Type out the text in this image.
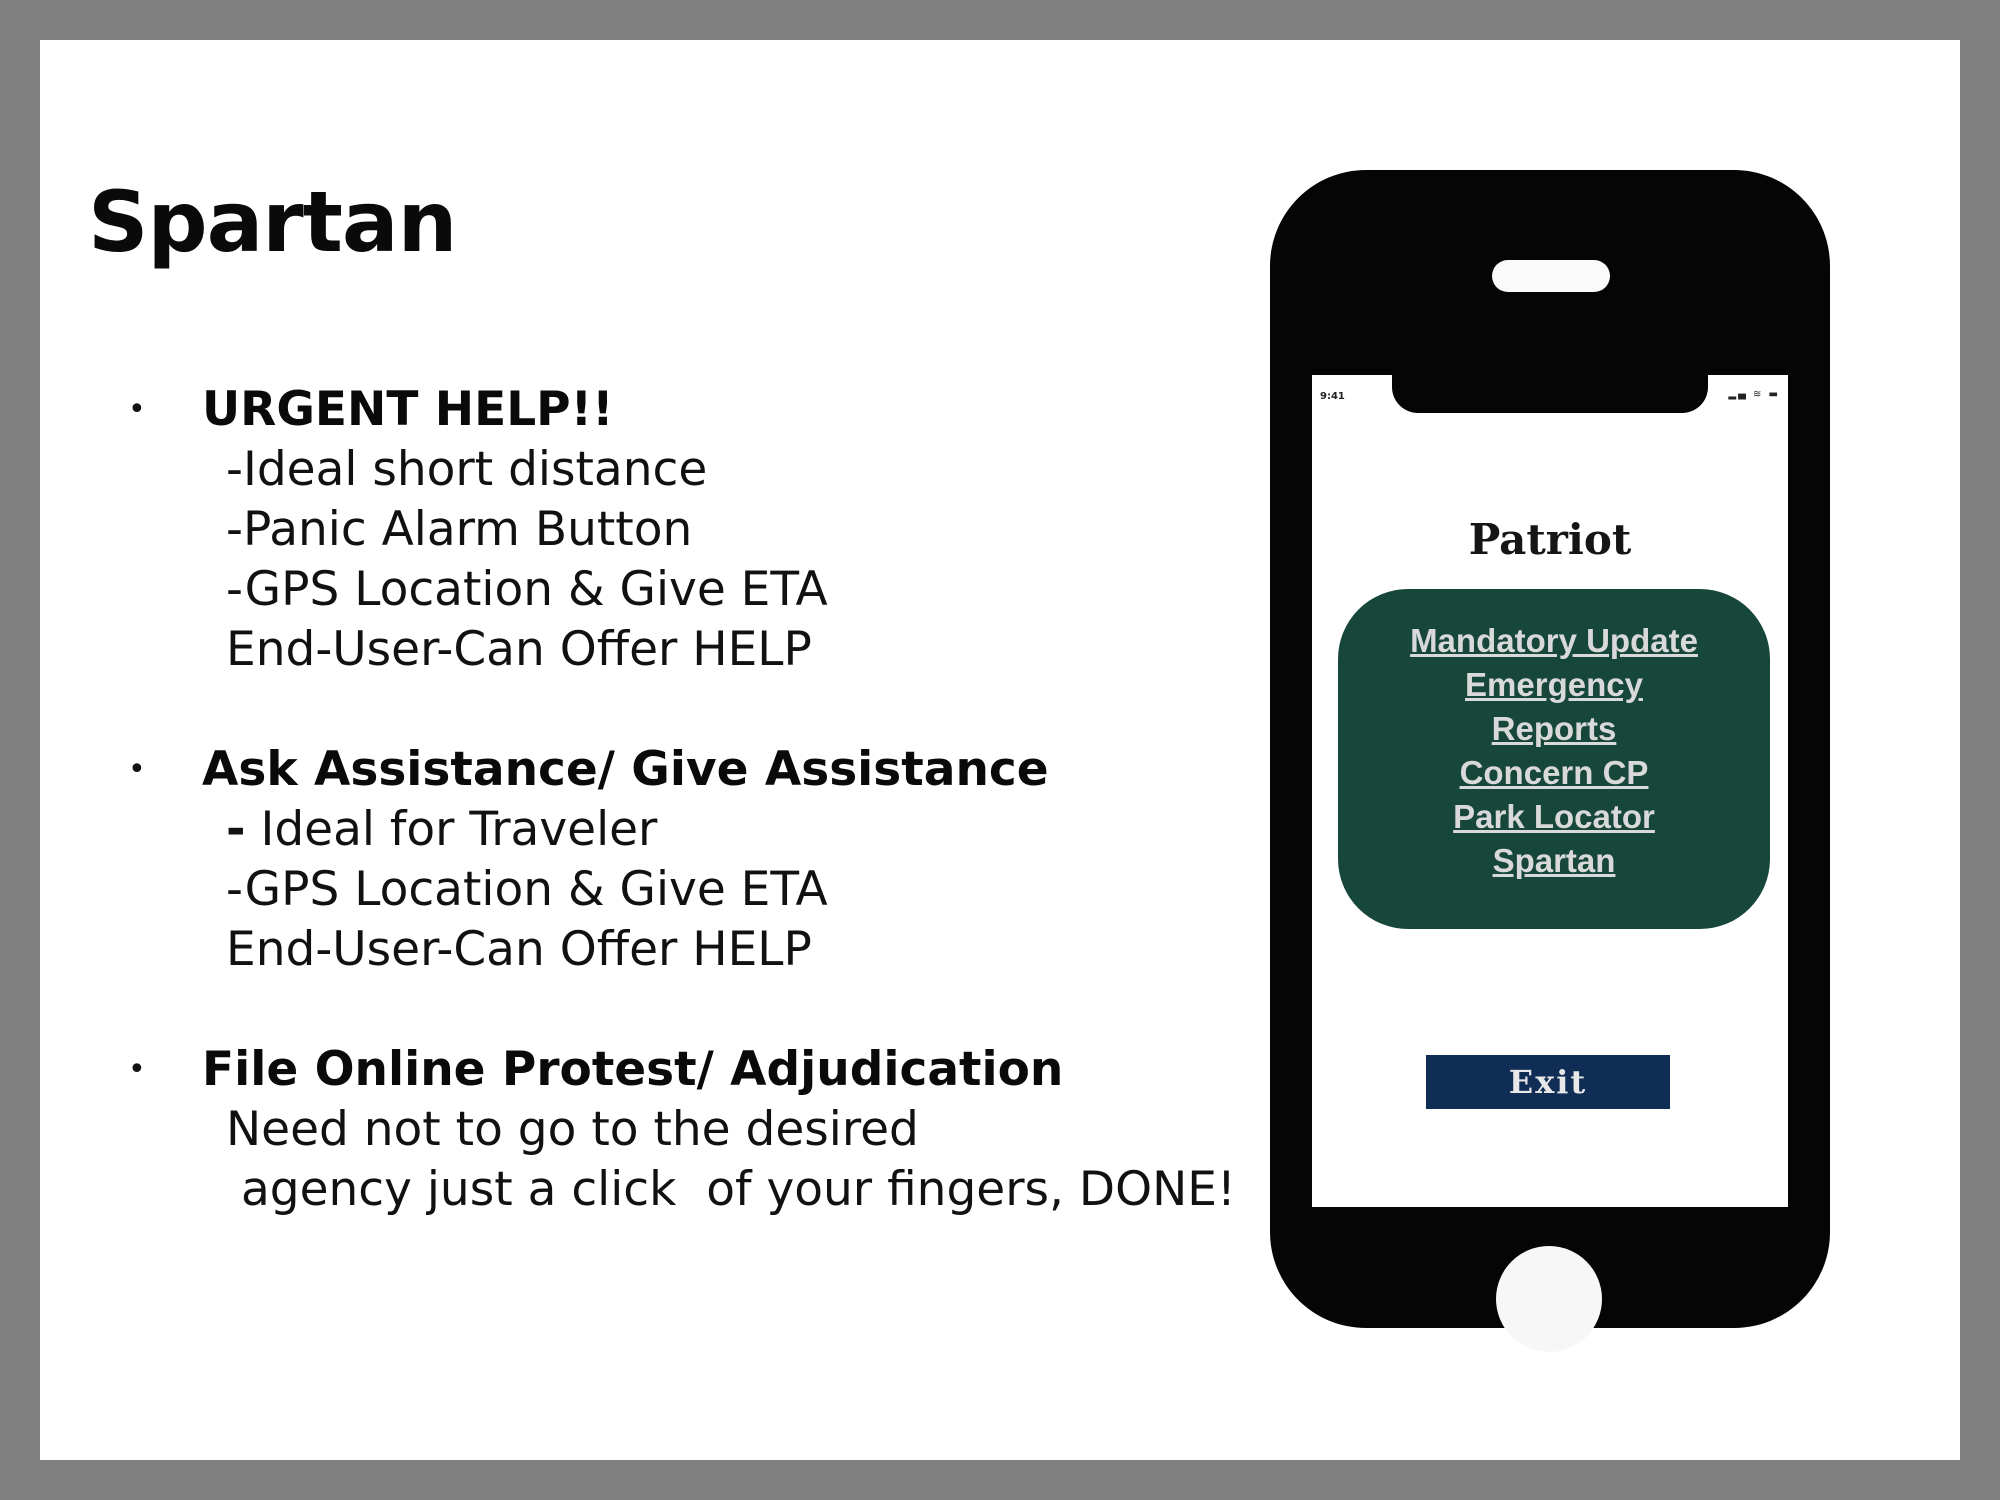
Spartan
• URGENT HELP!!
-Ideal short distance
-Panic Alarm Button
-GPS Location & Give ETA
End-User-Can Offer HELP
• Ask Assistance/ Give Assistance
- Ideal for Traveler
-GPS Location & Give ETA
End-User-Can Offer HELP
• File Online Protest/ Adjudication
Need not to go to the desired
agency just a click  of your fingers, DONE!
9:41	▂▄ ≋ ▬
Patriot
Mandatory Update
Emergency
Reports
Concern CP
Park Locator
Spartan
Exit
